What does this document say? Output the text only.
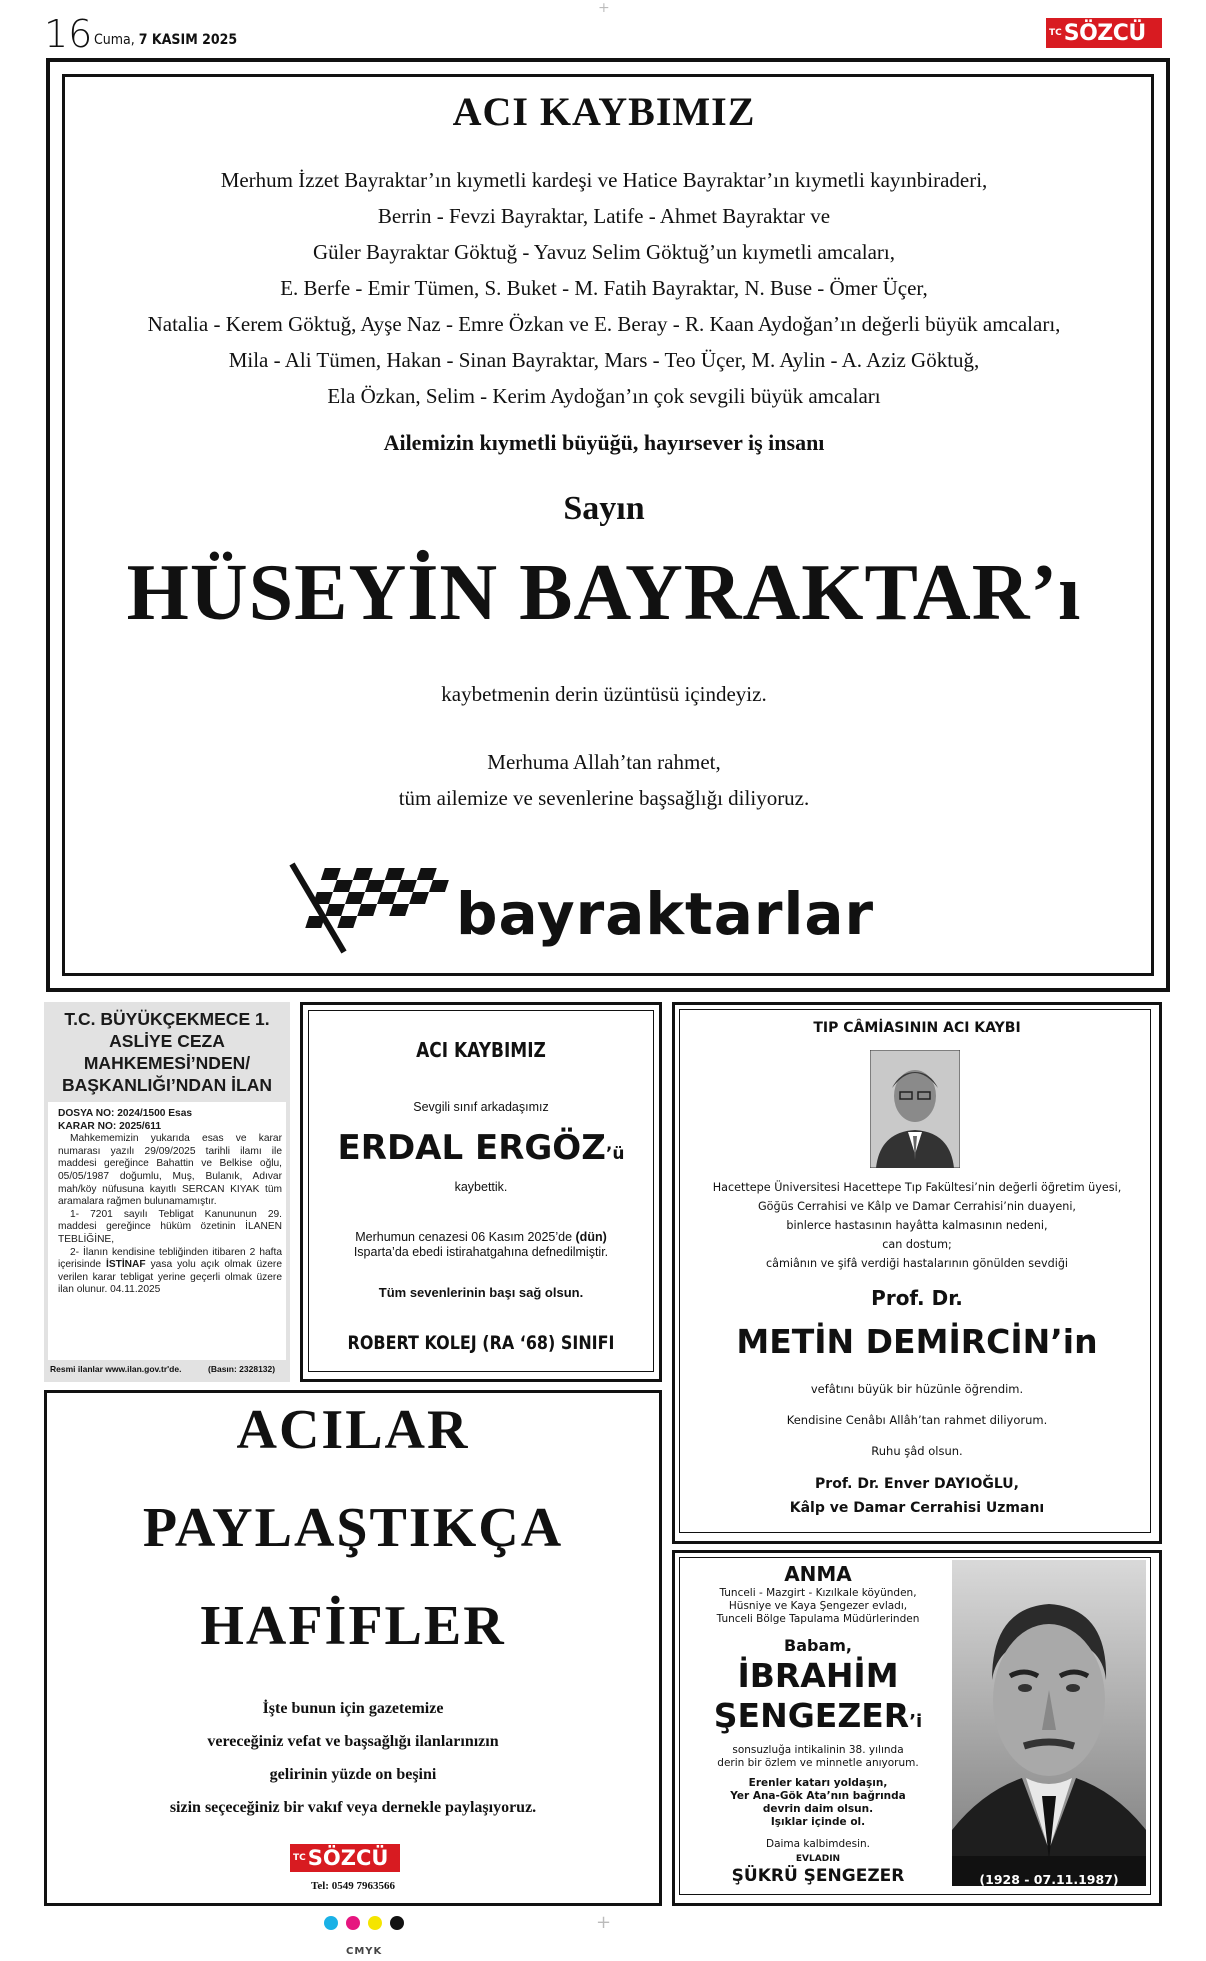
16 Cuma, 7 KASIM 2025	TC SÖZCÜ
+
ACI KAYBIMIZ
Merhum İzzet Bayraktar’ın kıymetli kardeşi ve Hatice Bayraktar’ın kıymetli kayınbiraderi,
Berrin - Fevzi Bayraktar, Latife - Ahmet Bayraktar ve
Güler Bayraktar Göktuğ - Yavuz Selim Göktuğ’un kıymetli amcaları,
E. Berfe - Emir Tümen, S. Buket - M. Fatih Bayraktar, N. Buse - Ömer Üçer,
Natalia - Kerem Göktuğ, Ayşe Naz - Emre Özkan ve E. Beray - R. Kaan Aydoğan’ın değerli büyük amcaları,
Mila - Ali Tümen, Hakan - Sinan Bayraktar, Mars - Teo Üçer, M. Aylin - A. Aziz Göktuğ,
Ela Özkan, Selim - Kerim Aydoğan’ın çok sevgili büyük amcaları
Ailemizin kıymetli büyüğü, hayırsever iş insanı
Sayın
HÜSEYİN BAYRAKTAR’ı
kaybetmenin derin üzüntüsü içindeyiz.
Merhuma Allah’tan rahmet,
tüm ailemize ve sevenlerine başsağlığı diliyoruz.
bayraktarlar
T.C. BÜYÜKÇEKMECE 1. ASLİYE CEZA MAHKEMESİ’NDEN/ BAŞKANLIĞI’NDAN İLAN
DOSYA NO: 2024/1500 Esas
KARAR NO: 2025/611
Mahkememizin yukarıda esas ve karar numarası yazılı 29/09/2025 tarihli ilamı ile maddesi gereğince Bahattin ve Belkise oğlu, 05/05/1987 doğumlu, Muş, Bulanık, Adıvar mah/köy nüfusuna kayıtlı SERCAN KIYAK tüm aramalara rağmen bulunamamıştır.
1- 7201 sayılı Tebligat Kanununun 29. maddesi gereğince hüküm özetinin İLANEN TEBLİĞİNE,
2- İlanın kendisine tebliğinden itibaren 2 hafta içerisinde İSTİNAF yasa yolu açık olmak üzere verilen karar tebligat yerine geçerli olmak üzere ilan olunur. 04.11.2025
Resmi ilanlar www.ilan.gov.tr'de.	(Basın: 2328132)
ACI KAYBIMIZ
Sevgili sınıf arkadaşımız
ERDAL ERGÖZ’ü
kaybettik.
Merhumun cenazesi 06 Kasım 2025’de (dün)
Isparta’da ebedi istirahatgahına defnedilmiştir.
Tüm sevenlerinin başı sağ olsun.
ROBERT KOLEJ (RA ‘68) SINIFI
TIP CÂMİASININ ACI KAYBI
Hacettepe Üniversitesi Hacettepe Tıp Fakültesi’nin değerli öğretim üyesi,
Göğüs Cerrahisi ve Kâlp ve Damar Cerrahisi’nin duayeni,
binlerce hastasının hayâtta kalmasının nedeni,
can dostum;
câmiânın ve şifâ verdiği hastalarının gönülden sevdiği
Prof. Dr.
METİN DEMİRCİN’in
vefâtını büyük bir hüzünle öğrendim.
Kendisine Cenâbı Allâh’tan rahmet diliyorum.
Ruhu şâd olsun.
Prof. Dr. Enver DAYIOĞLU,
Kâlp ve Damar Cerrahisi Uzmanı
ACILAR
PAYLAŞTIKÇA
HAFİFLER
İşte bunun için gazetemize
vereceğiniz vefat ve başsağlığı ilanlarınızın
gelirinin yüzde on beşini
sizin seçeceğiniz bir vakıf veya dernekle paylaşıyoruz.
TC SÖZCÜ
Tel: 0549 7963566
ANMA
Tunceli - Mazgirt - Kızılkale köyünden,
Hüsniye ve Kaya Şengezer evladı,
Tunceli Bölge Tapulama Müdürlerinden
Babam,
İBRAHİM
ŞENGEZER’i
sonsuzluğa intikalinin 38. yılında
derin bir özlem ve minnetle anıyorum.
Erenler katarı yoldaşın,
Yer Ana-Gök Ata’nın bağrında
devrin daim olsun.
Işıklar içinde ol.
Daima kalbimdesin.
EVLADIN
ŞÜKRÜ ŞENGEZER	(1928 - 07.11.1987)
CMYK
+
